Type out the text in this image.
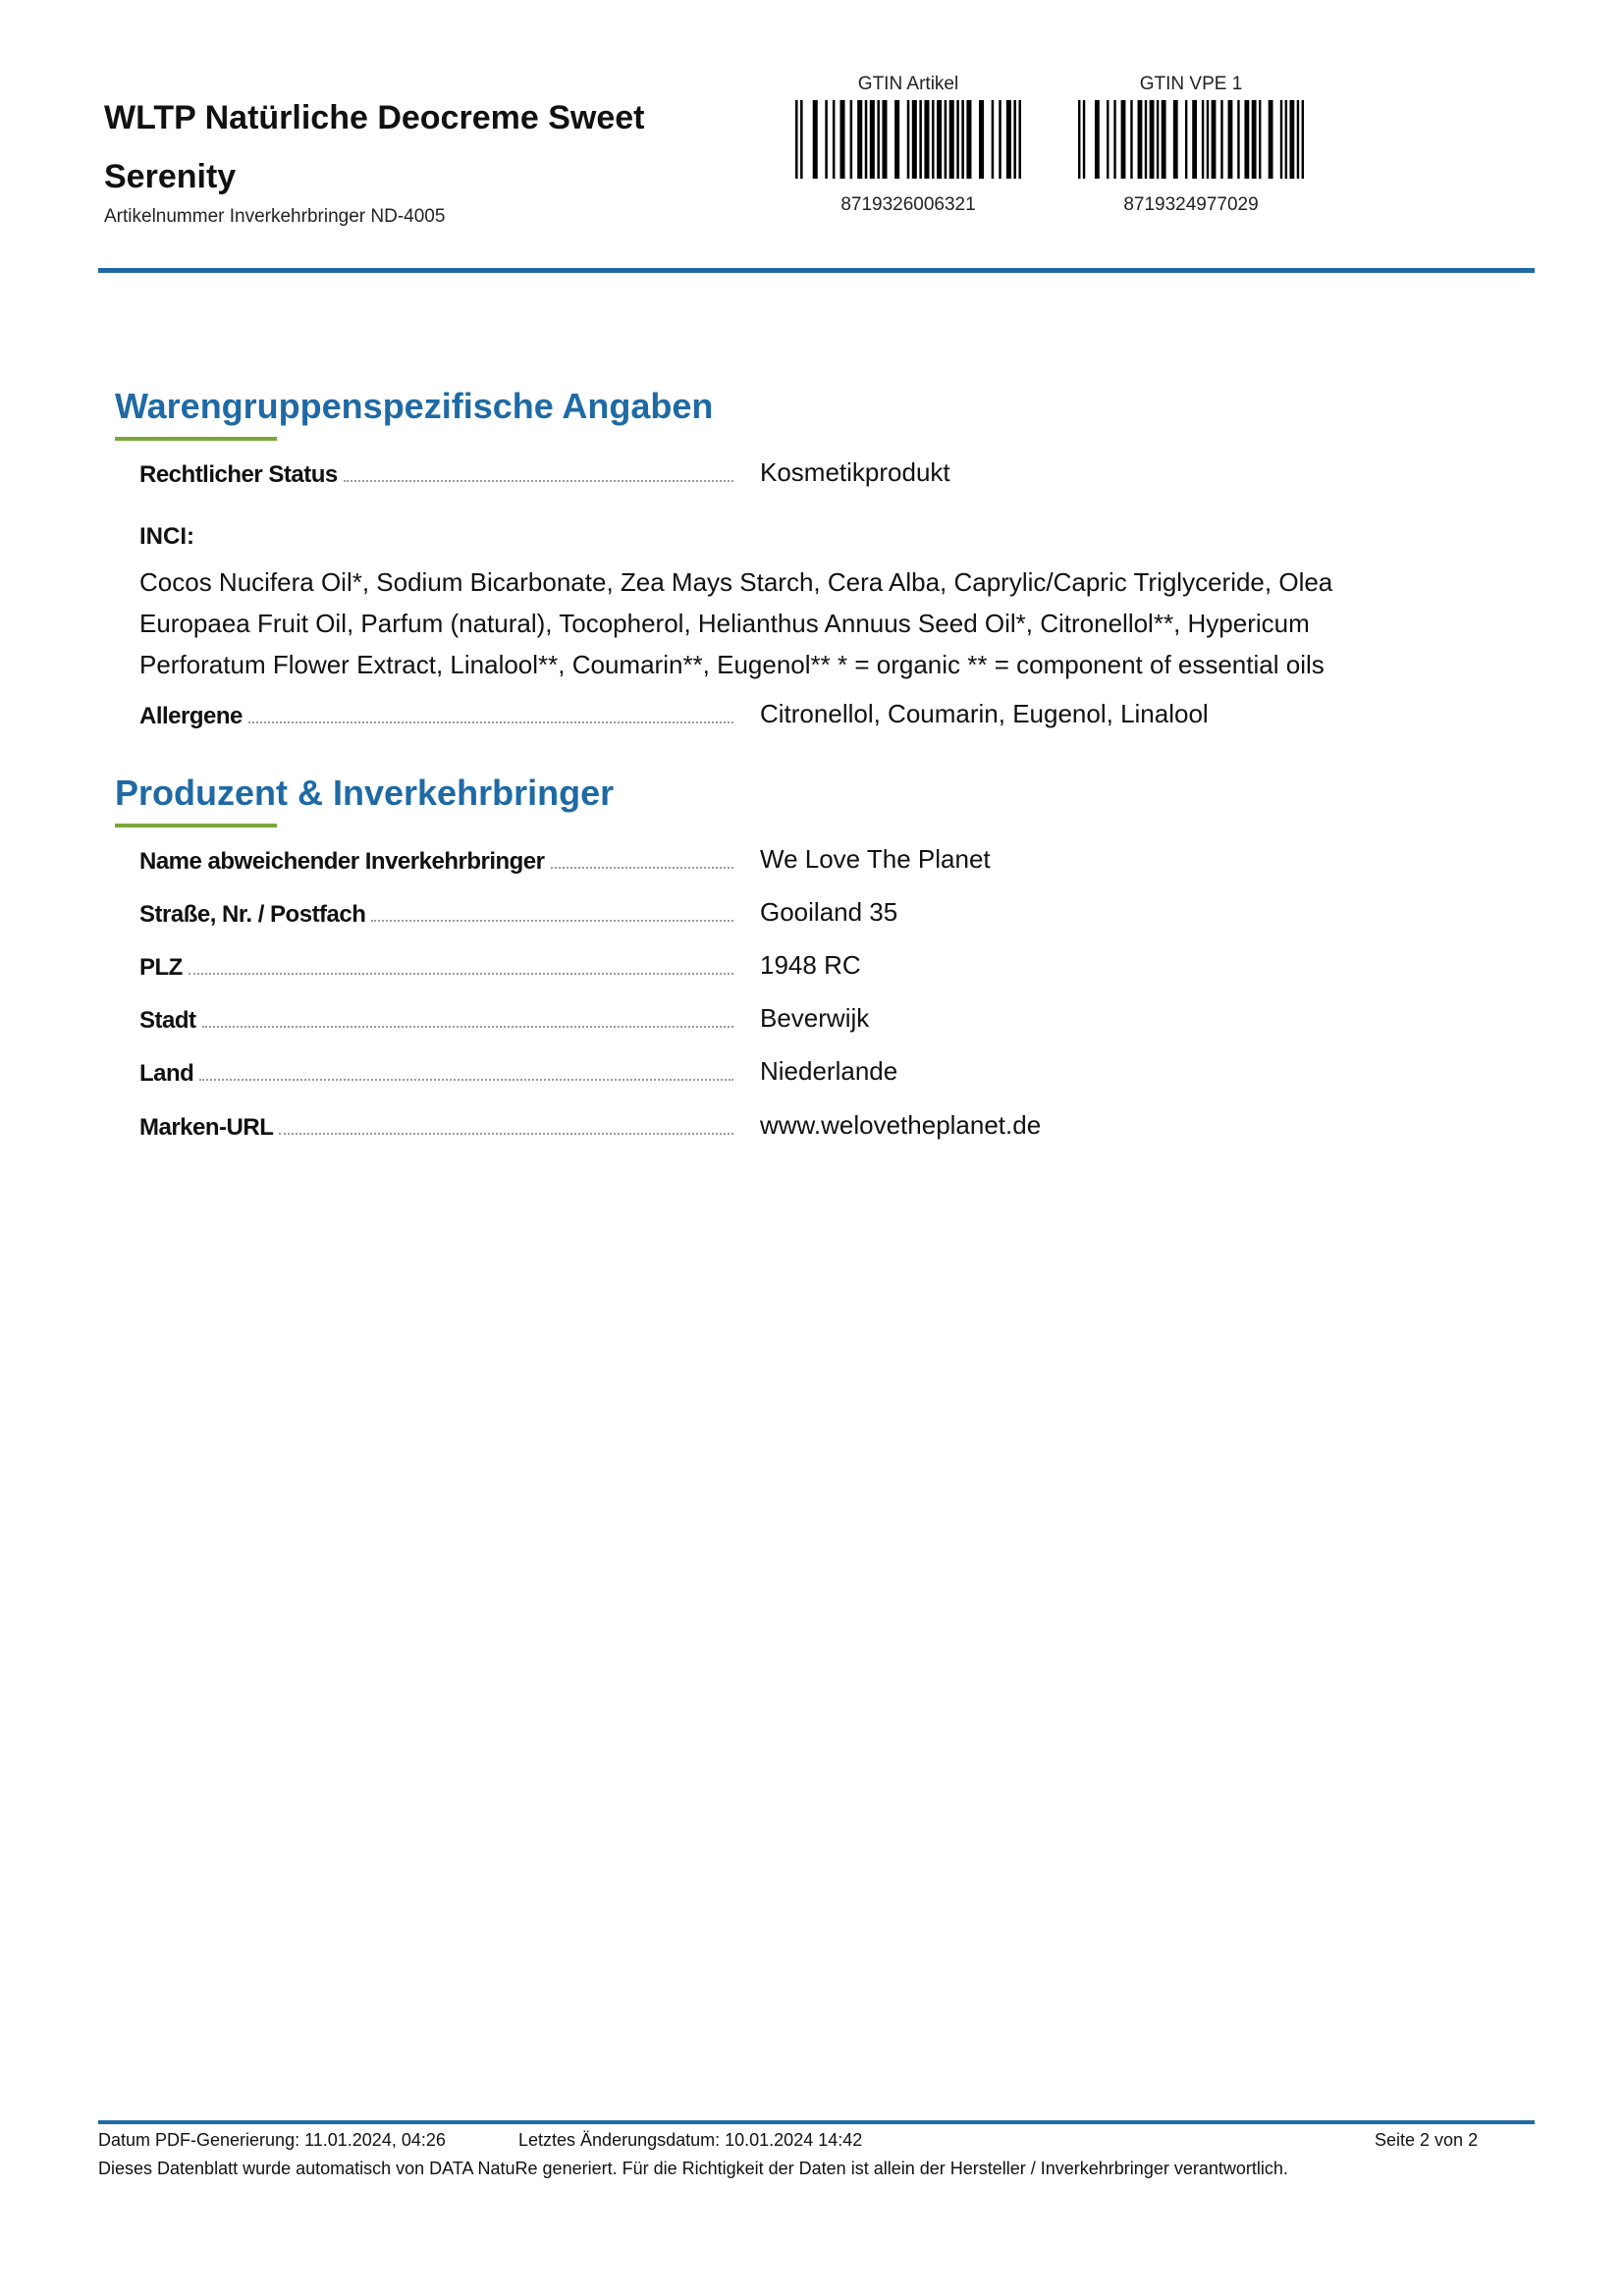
WLTP Natürliche Deocreme Sweet Serenity
Artikelnummer Inverkehrbringer ND-4005
GTIN Artikel
8719326006321
GTIN VPE 1
8719324977029
Warengruppenspezifische Angaben
Rechtlicher Status	Kosmetikprodukt
INCI:
Cocos Nucifera Oil*, Sodium Bicarbonate, Zea Mays Starch, Cera Alba, Caprylic/Capric Triglyceride, Olea Europaea Fruit Oil, Parfum (natural), Tocopherol, Helianthus Annuus Seed Oil*, Citronellol**, Hypericum Perforatum Flower Extract, Linalool**, Coumarin**, Eugenol** * = organic ** = component of essential oils
Allergene	Citronellol, Coumarin, Eugenol, Linalool
Produzent & Inverkehrbringer
Name abweichender Inverkehrbringer	We Love The Planet
Straße, Nr. / Postfach	Gooiland 35
PLZ	1948 RC
Stadt	Beverwijk
Land	Niederlande
Marken-URL	www.welovetheplanet.de
Datum PDF-Generierung: 11.01.2024, 04:26	Letztes Änderungsdatum: 10.01.2024 14:42	Seite 2 von 2
Dieses Datenblatt wurde automatisch von DATA NatuRe generiert. Für die Richtigkeit der Daten ist allein der Hersteller / Inverkehrbringer verantwortlich.
